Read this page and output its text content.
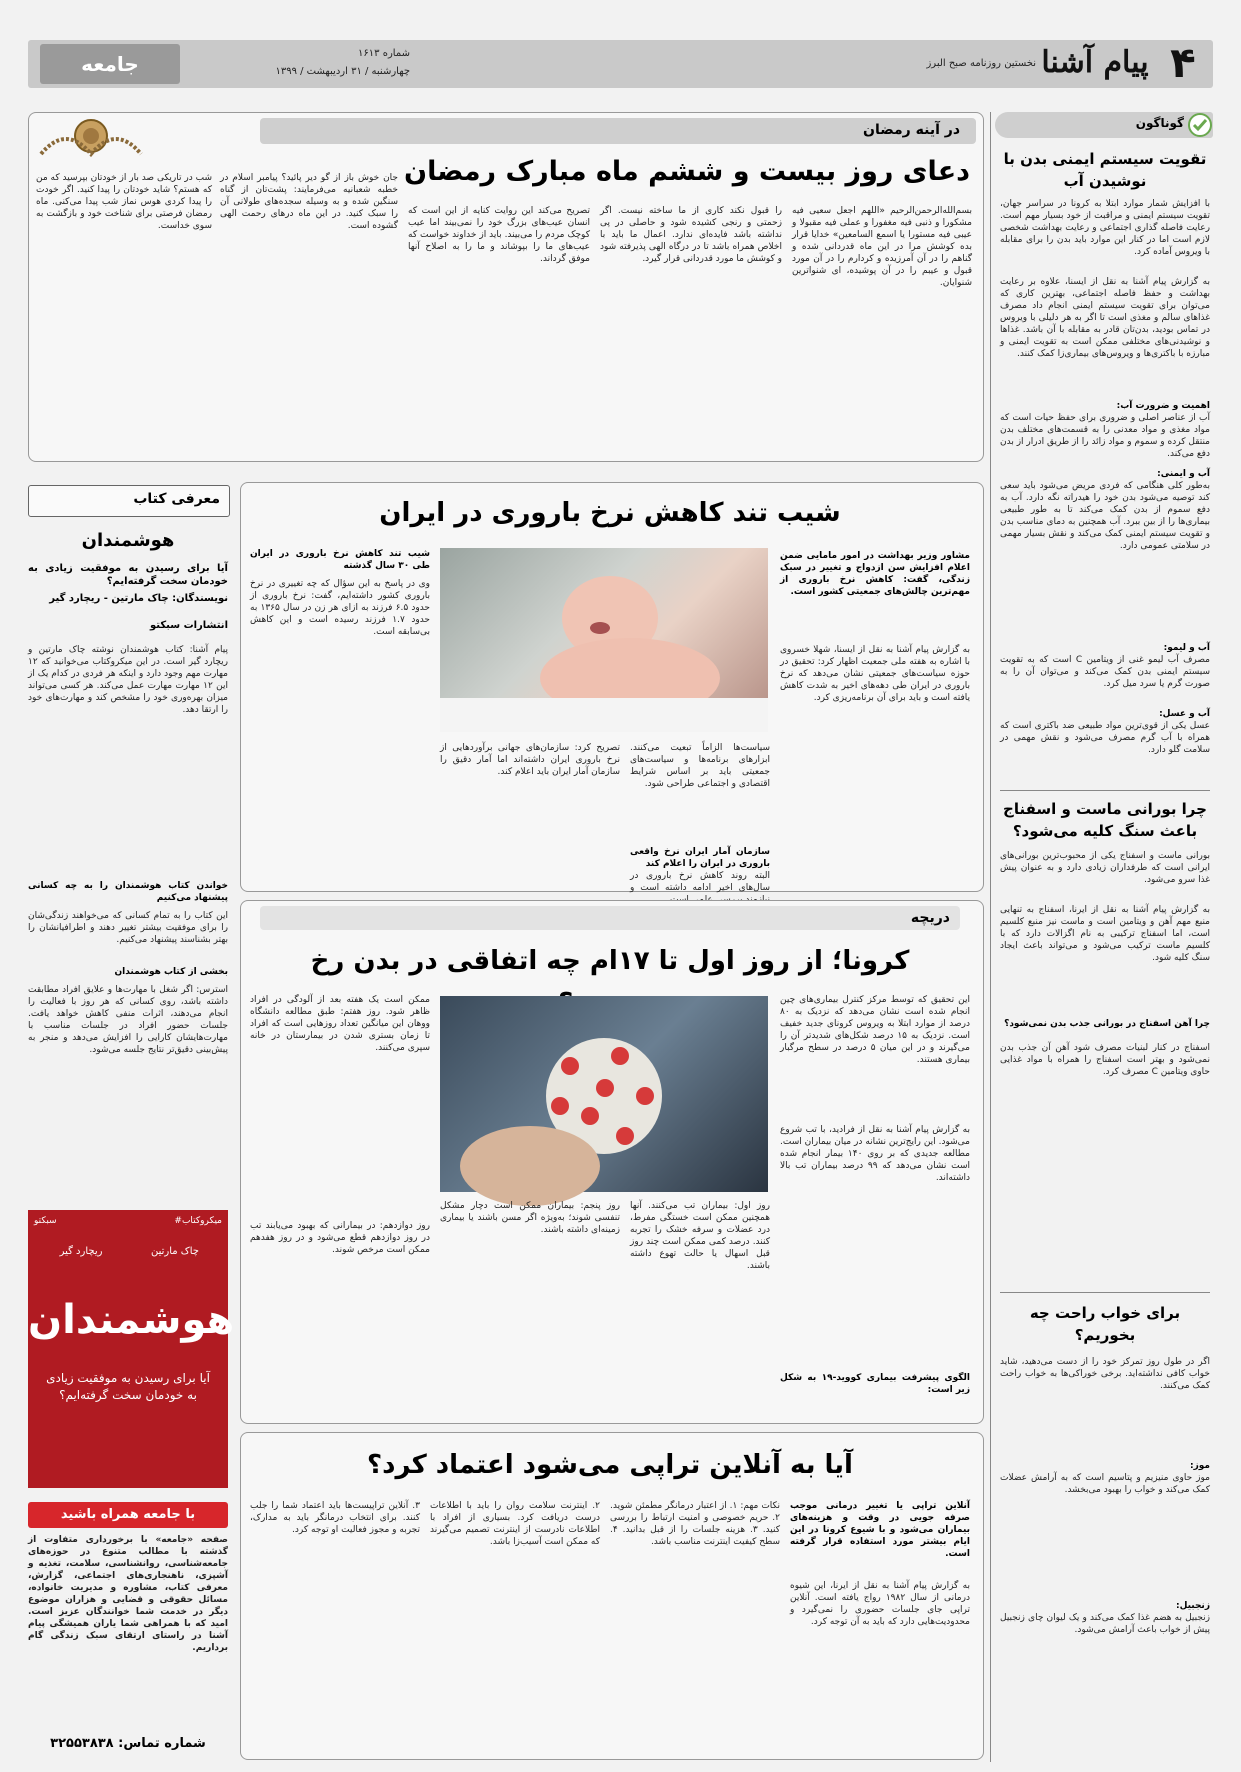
۴
پیام آشنا
نخستین روزنامه صبح البرز
شماره ۱۶۱۳
چهارشنبه / ۳۱ اردیبهشت / ۱۳۹۹
جامعه
گوناگون
تقویت سیستم ایمنی بدن با نوشیدن آب
با افزایش شمار موارد ابتلا به کرونا در سراسر جهان، تقویت سیستم ایمنی و مراقبت از خود بسیار مهم است. رعایت فاصله گذاری اجتماعی و رعایت بهداشت شخصی لازم است اما در کنار این موارد باید بدن را برای مقابله با ویروس آماده کرد.
به گزارش پیام آشنا به نقل از ایسنا، علاوه بر رعایت بهداشت و حفظ فاصله اجتماعی، بهترین کاری که می‌توان برای تقویت سیستم ایمنی انجام داد مصرف غذاهای سالم و مغذی است تا اگر به هر دلیلی با ویروس در تماس بودید، بدن‌تان قادر به مقابله با آن باشد. غذاها و نوشیدنی‌های مختلفی ممکن است به تقویت ایمنی و مبارزه با باکتری‌ها و ویروس‌های بیماری‌زا کمک کنند.
اهمیت و ضرورت آب:
آب از عناصر اصلی و ضروری برای حفظ حیات است که مواد مغذی و مواد معدنی را به قسمت‌های مختلف بدن منتقل کرده و سموم و مواد زائد را از طریق ادرار از بدن دفع می‌کند.
آب و ایمنی:
به‌طور کلی هنگامی که فردی مریض می‌شود باید سعی کند توصیه می‌شود بدن خود را هیدراته نگه دارد. آب به دفع سموم از بدن کمک می‌کند تا به طور طبیعی بیماری‌ها را از بین ببرد. آب همچنین به دمای مناسب بدن و تقویت سیستم ایمنی کمک می‌کند و نقش بسیار مهمی در سلامتی عمومی دارد.
آب و لیمو:
مصرف آب لیمو غنی از ویتامین C است که به تقویت سیستم ایمنی بدن کمک می‌کند و می‌توان آن را به صورت گرم یا سرد میل کرد.
آب و عسل:
عسل یکی از قوی‌ترین مواد طبیعی ضد باکتری است که همراه با آب گرم مصرف می‌شود و نقش مهمی در سلامت گلو دارد.
چرا بورانی ماست و اسفناج باعث سنگ کلیه می‌شود؟
بورانی ماست و اسفناج یکی از محبوب‌ترین بورانی‌های ایرانی است که طرفداران زیادی دارد و به عنوان پیش غذا سرو می‌شود.
به گزارش پیام آشنا به نقل از ایرنا، اسفناج به تنهایی منبع مهم آهن و ویتامین است و ماست نیز منبع کلسیم است، اما اسفناج ترکیبی به نام اگزالات دارد که با کلسیم ماست ترکیب می‌شود و می‌تواند باعث ایجاد سنگ کلیه شود.
چرا آهن اسفناج در بورانی جذب بدن نمی‌شود؟
اسفناج در کنار لبنیات مصرف شود آهن آن جذب بدن نمی‌شود و بهتر است اسفناج را همراه با مواد غذایی حاوی ویتامین C مصرف کرد.
برای خواب راحت چه بخوریم؟
اگر در طول روز تمرکز خود را از دست می‌دهید، شاید خواب کافی نداشته‌اید. برخی خوراکی‌ها به خواب راحت کمک می‌کنند.
موز:
موز حاوی منیزیم و پتاسیم است که به آرامش عضلات کمک می‌کند و خواب را بهبود می‌بخشد.
زنجبیل:
زنجبیل به هضم غذا کمک می‌کند و یک لیوان چای زنجبیل پیش از خواب باعث آرامش می‌شود.
در آینه رمضان
دعای روز بیست و ششم ماه مبارک رمضان
بسم‌الله‌الرحمن‌الرحیم «اللهم اجعل سعیی فیه مشکورا و ذنبی فیه مغفورا و عملی فیه مقبولا و عیبی فیه مستورا یا اسمع السامعین» خدایا قرار بده کوشش مرا در این ماه قدردانی شده و گناهم را در آن آمرزیده و کردارم را در آن مورد قبول و عیبم را در آن پوشیده، ای شنواترین شنوایان.
را قبول نکند کاری از ما ساخته نیست. اگر زحمتی و رنجی کشیده شود و حاصلی در پی نداشته باشد فایده‌ای ندارد. اعمال ما باید با اخلاص همراه باشد تا در درگاه الهی پذیرفته شود و کوشش ما مورد قدردانی قرار گیرد.
تصریح می‌کند این روایت کنایه از این است که انسان عیب‌های بزرگ خود را نمی‌بیند اما عیب کوچک مردم را می‌بیند. باید از خداوند خواست که عیب‌های ما را بپوشاند و ما را به اصلاح آنها موفق گرداند.
جان خوش باز از گو دیر پائید؟ پیامبر اسلام در خطبه شعبانیه می‌فرمایند: پشت‌تان از گناه سنگین شده و به وسیله سجده‌های طولانی آن را سبک کنید. در این ماه درهای رحمت الهی گشوده است.
شب در تاریکی صد بار از خودتان بپرسید که من که هستم؟ شاید خودتان را پیدا کنید. اگر خودت را پیدا کردی هوس نماز شب پیدا می‌کنی. ماه رمضان فرصتی برای شناخت خود و بازگشت به سوی خداست.
معرفی کتاب
هوشمندان
آیا برای رسیدن به موفقیت زیادی به خودمان سخت گرفته‌ایم؟
نویسندگان: چاک مارتین - ریچارد گیر
انتشارات سبکتو
پیام آشنا: کتاب هوشمندان نوشته چاک مارتین و ریچارد گیر است. در این میکروکتاب می‌خوانید که ۱۲ مهارت مهم وجود دارد و اینکه هر فردی در کدام یک از این ۱۲ مهارت مهارت عمل می‌کند. هر کسی می‌تواند میزان بهره‌وری خود را مشخص کند و مهارت‌های خود را ارتقا دهد.
خواندن کتاب هوشمندان را به چه کسانی پیشنهاد می‌کنیم
این کتاب را به تمام کسانی که می‌خواهند زندگی‌شان را برای موفقیت بیشتر تغییر دهند و اطرافیانشان را بهتر بشناسند پیشنهاد می‌کنیم.
بخشی از کتاب هوشمندان
استرس: اگر شغل با مهارت‌ها و علایق افراد مطابقت داشته باشد، روی کسانی که هر روز با فعالیت را انجام می‌دهند، اثرات منفی کاهش خواهد یافت. جلسات حضور افراد در جلسات مناسب با مهارت‌هایشان کارایی را افزایش می‌دهد و منجر به پیش‌بینی دقیق‌تر نتایج جلسه می‌شود.
#میکروکتاب
سبکتو
چاک مارتین
ریچارد گیر
هوشمندان
آیا برای رسیدن به موفقیت زیادی به خودمان سخت گرفته‌ایم؟
با جامعه همراه باشید
صفحه «جامعه» با برخورداری متفاوت از گذشته با مطالب متنوع در حوزه‌های جامعه‌شناسی، روانشناسی، سلامت، تغذیه و آشپزی، ناهنجاری‌های اجتماعی، گزارش، معرفی کتاب، مشاوره و مدیریت خانواده، مسائل حقوقی و قضایی و هزاران موضوع دیگر در خدمت شما خوانندگان عزیز است. امید که با همراهی شما یاران همیشگی پیام آشنا در راستای ارتقای سبک زندگی گام برداریم.
شماره تماس: ۳۲۵۵۳۸۳۸
شیب تند کاهش نرخ باروری در ایران
مشاور وزیر بهداشت در امور مامایی ضمن اعلام افزایش سن ازدواج و تغییر در سبک زندگی، گفت: کاهش نرخ باروری از مهم‌ترین چالش‌های جمعیتی کشور است.
به گزارش پیام آشنا به نقل از ایسنا، شهلا خسروی با اشاره به هفته ملی جمعیت اظهار کرد: تحقیق در حوزه سیاست‌های جمعیتی نشان می‌دهد که نرخ باروری در ایران طی دهه‌های اخیر به شدت کاهش یافته است و باید برای آن برنامه‌ریزی کرد.
شیب تند کاهش نرخ باروری در ایران طی ۳۰ سال گذشته
وی در پاسخ به این سؤال که چه تغییری در نرخ باروری کشور داشته‌ایم، گفت: نرخ باروری از حدود ۶.۵ فرزند به ازای هر زن در سال ۱۳۶۵ به حدود ۱.۷ فرزند رسیده است و این کاهش بی‌سابقه است.
سیاست‌ها الزاماً تبعیت می‌کنند. ابزارهای برنامه‌ها و سیاست‌های جمعیتی باید بر اساس شرایط اقتصادی و اجتماعی طراحی شود.
سازمان آمار ایران نرخ واقعی باروری در ایران را اعلام کند
تصریح کرد: سازمان‌های جهانی برآوردهایی از نرخ باروری ایران داشته‌اند اما آمار دقیق را سازمان آمار ایران باید اعلام کند.
البته روند کاهش نرخ باروری در سال‌های اخیر ادامه داشته است و
دریچه
کرونا؛ از روز اول تا ۱۷ام چه اتفاقی در بدن رخ
این تحقیق که توسط مرکز کنترل بیماری‌های چین انجام شده است نشان می‌دهد که نزدیک به ۸۰ درصد از موارد ابتلا به ویروس کرونای جدید خفیف است. نزدیک به ۱۵ درصد شکل‌های شدیدتر آن را می‌گیرند و در این میان ۵ درصد در سطح مرگبار بیماری هستند.
به گزارش پیام آشنا به نقل از فرادید، با تب شروع می‌شود. این رایج‌ترین نشانه در میان بیماران است. مطالعه جدیدی که بر روی ۱۴۰ بیمار انجام شده است نشان می‌دهد که ۹۹ درصد بیماران تب بالا داشته‌اند.
الگوی پیشرفت بیماری کووید-۱۹ به شکل زیر است:
روز اول: بیماران تب می‌کنند. آنها همچنین ممکن است خستگی مفرط، درد عضلات و سرفه خشک را تجربه کنند. درصد کمی ممکن است چند روز قبل اسهال یا حالت تهوع داشته باشند.
روز پنجم: بیماران ممکن است دچار مشکل تنفسی شوند؛ به‌ویژه اگر مسن باشند یا بیماری زمینه‌ای داشته باشند.
ممکن است یک هفته بعد از آلودگی در افراد ظاهر شود. روز هفتم: طبق مطالعه دانشگاه ووهان این میانگین تعداد روزهایی است که افراد تا زمان بستری شدن در بیمارستان در خانه سپری می‌کنند.
روز دوازدهم: در بیمارانی که بهبود می‌یابند تب در روز دوازدهم قطع می‌شود و در روز هفدهم ممکن است مرخص شوند.
آیا به آنلاین تراپی می‌شود اعتماد کرد؟
آنلاین تراپی یا تغییر درمانی موجب صرفه جویی در وقت و هزینه‌های بیماران می‌شود و با شیوع کرونا در این ایام بیشتر مورد استفاده قرار گرفته است.
به گزارش پیام آشنا به نقل از ایرنا، این شیوه درمانی از سال ۱۹۸۲ رواج یافته است. آنلاین تراپی جای جلسات حضوری را نمی‌گیرد و محدودیت‌هایی دارد که باید به آن توجه کرد.
نکات مهم: ۱. از اعتبار درمانگر مطمئن شوید. ۲. حریم خصوصی و امنیت ارتباط را بررسی کنید. ۳. هزینه جلسات را از قبل بدانید. ۴. سطح کیفیت اینترنت مناسب باشد.
۲. اینترنت سلامت روان را باید با اطلاعات درست دریافت کرد. بسیاری از افراد با اطلاعات نادرست از اینترنت تصمیم می‌گیرند که ممکن است آسیب‌زا باشد.
۳. آنلاین تراپیست‌ها باید اعتماد شما را جلب کنند. برای انتخاب درمانگر باید به مدارک، تجربه و مجوز فعالیت او توجه کرد.
